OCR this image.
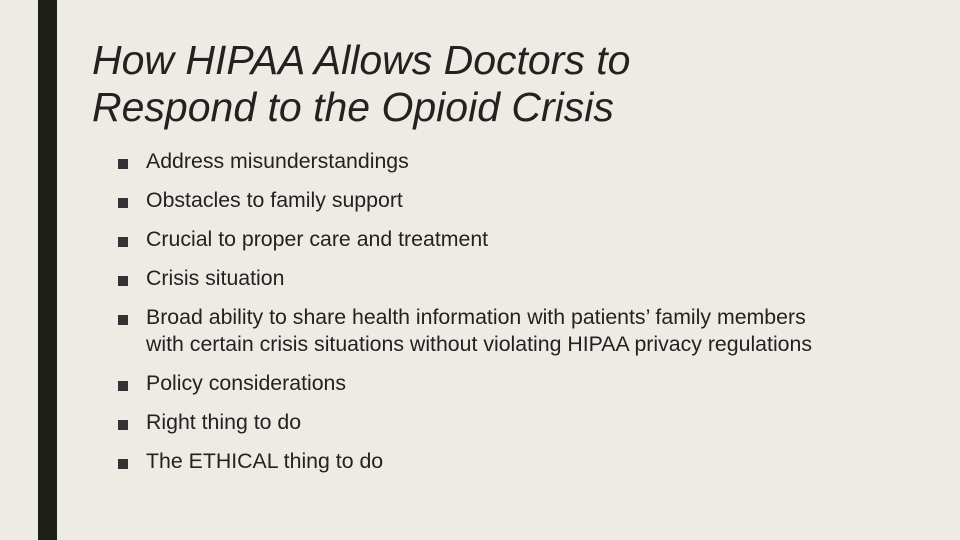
How HIPAA Allows Doctors to
Respond to the Opioid Crisis
Address misunderstandings
Obstacles to family support
Crucial to proper care and treatment
Crisis situation
Broad ability to share health information with patients’ family members with certain crisis situations without violating HIPAA privacy regulations
Policy considerations
Right thing to do
The ETHICAL thing to do
